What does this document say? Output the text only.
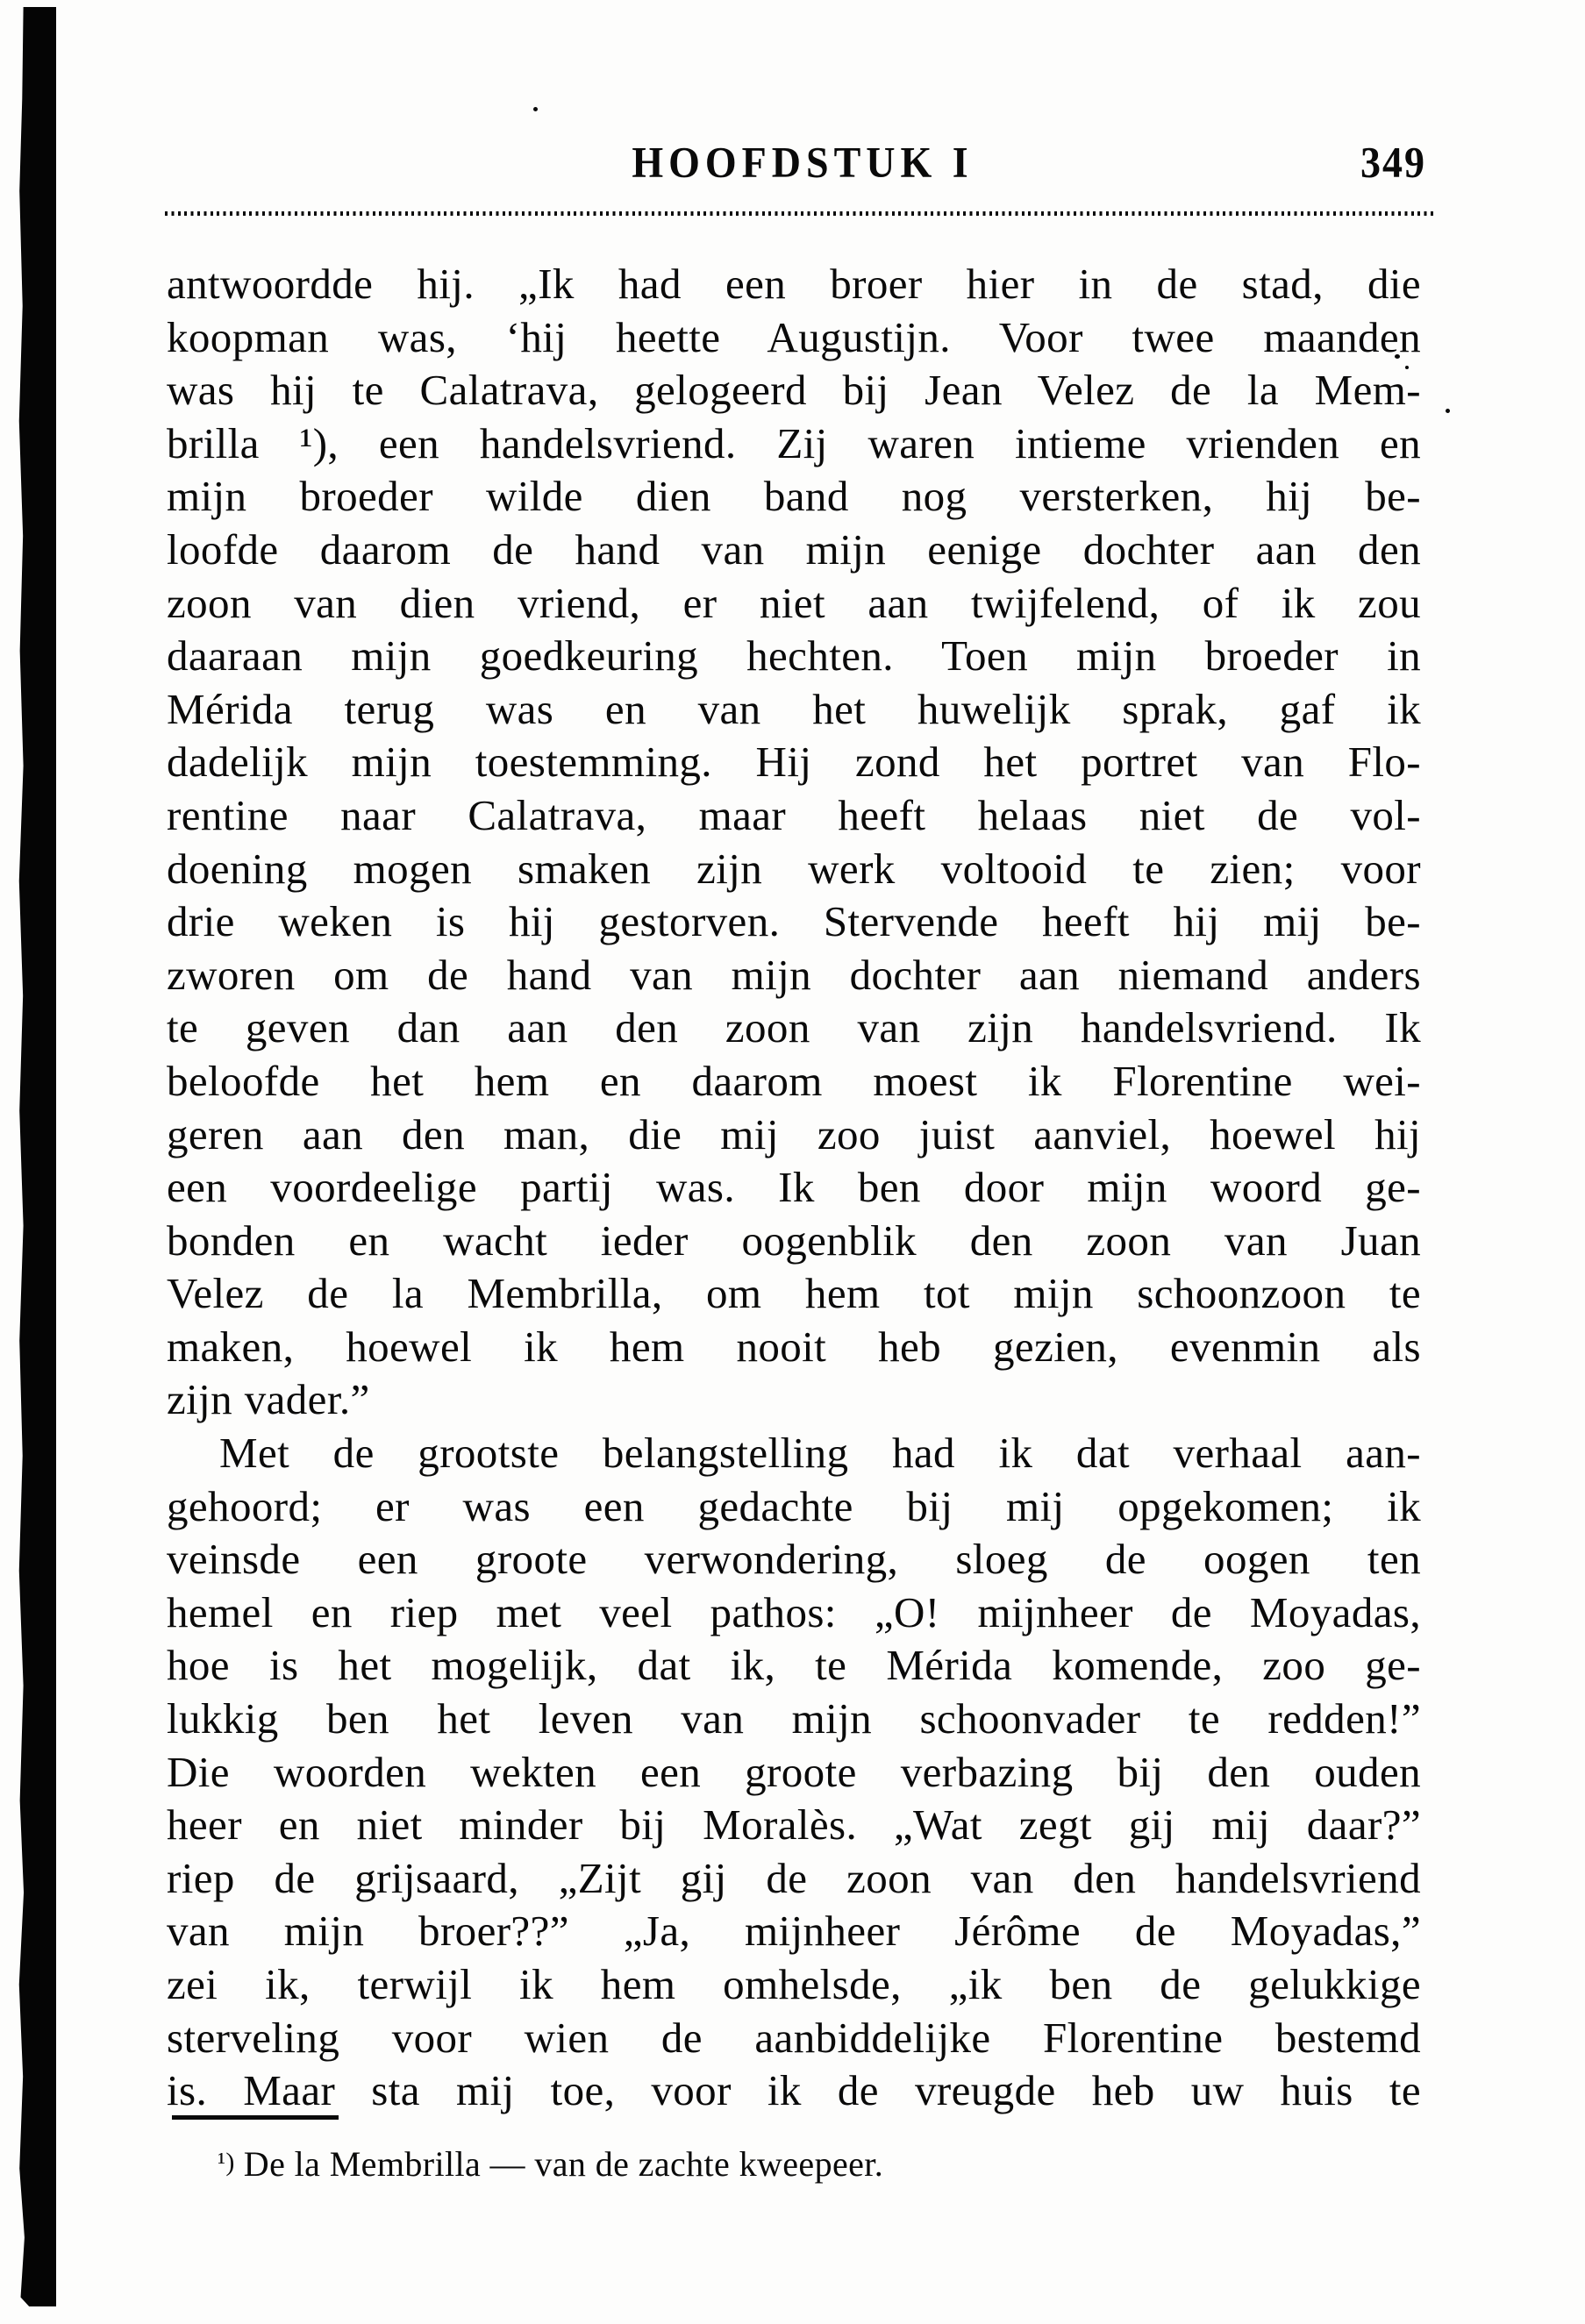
HOOFDSTUK I	349
antwoordde hij. „Ik had een broer hier in de stad, die
koopman was, ‘hij heette Augustijn. Voor twee maanden
was hij te Calatrava, gelogeerd bij Jean Velez de la Mem-
brilla ¹), een handelsvriend. Zij waren intieme vrienden en
mijn broeder wilde dien band nog versterken, hij be-
loofde daarom de hand van mijn eenige dochter aan den
zoon van dien vriend, er niet aan twijfelend, of ik zou
daaraan mijn goedkeuring hechten. Toen mijn broeder in
Mérida terug was en van het huwelijk sprak, gaf ik
dadelijk mijn toestemming. Hij zond het portret van Flo-
rentine naar Calatrava, maar heeft helaas niet de vol-
doening mogen smaken zijn werk voltooid te zien; voor
drie weken is hij gestorven. Stervende heeft hij mij be-
zworen om de hand van mijn dochter aan niemand anders
te geven dan aan den zoon van zijn handelsvriend. Ik
beloofde het hem en daarom moest ik Florentine wei-
geren aan den man, die mij zoo juist aanviel, hoewel hij
een voordeelige partij was. Ik ben door mijn woord ge-
bonden en wacht ieder oogenblik den zoon van Juan
Velez de la Membrilla, om hem tot mijn schoonzoon te
maken, hoewel ik hem nooit heb gezien, evenmin als
zijn vader.”
Met de grootste belangstelling had ik dat verhaal aan-
gehoord; er was een gedachte bij mij opgekomen; ik
veinsde een groote verwondering, sloeg de oogen ten
hemel en riep met veel pathos: „O! mijnheer de Moyadas,
hoe is het mogelijk, dat ik, te Mérida komende, zoo ge-
lukkig ben het leven van mijn schoonvader te redden!”
Die woorden wekten een groote verbazing bij den ouden
heer en niet minder bij Moralès. „Wat zegt gij mij daar?”
riep de grijsaard, „Zijt gij de zoon van den handelsvriend
van mijn broer??” „Ja, mijnheer Jérôme de Moyadas,”
zei ik, terwijl ik hem omhelsde, „ik ben de gelukkige
sterveling voor wien de aanbiddelijke Florentine bestemd
is. Maar sta mij toe, voor ik de vreugde heb uw huis te
¹) De la Membrilla — van de zachte kweepeer.
